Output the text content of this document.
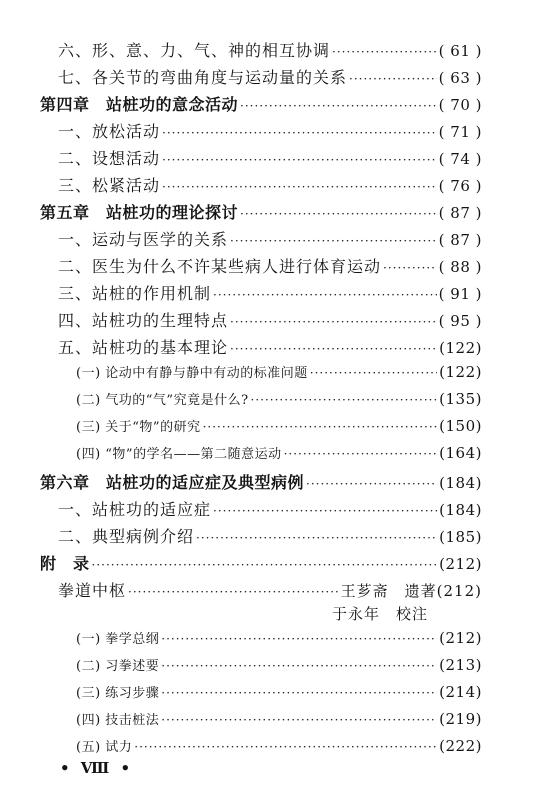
六、形、意、力、气、神的相互协调 ·····	( 61 )
七、各关节的弯曲角度与运动量的关系 ·····	( 63 )
第四章　站桩功的意念活动 ·····	( 70 )
一、放松活动 ·····	( 71 )
二、设想活动 ·····	( 74 )
三、松紧活动 ·····	( 76 )
第五章　站桩功的理论探讨 ·····	( 87 )
一、运动与医学的关系 ·····	( 87 )
二、医生为什么不许某些病人进行体育运动 ·····	( 88 )
三、站桩的作用机制 ·····	( 91 )
四、站桩功的生理特点 ·····	( 95 )
五、站桩功的基本理论 ·····	(122)
(一) 论动中有静与静中有动的标准问题 ·····	(122)
(二) 气功的“气”究竟是什么? ·····	(135)
(三) 关于“物”的研究 ·····	(150)
(四) “物”的学名——第二随意运动 ·····	(164)
第六章　站桩功的适应症及典型病例 ·····	(184)
一、站桩功的适应症 ·····	(184)
二、典型病例介绍 ·····	(185)
附　录 ·····	(212)
拳道中枢 ·····	王芗斋　遗著(212)
于永年　校注
(一) 拳学总纲 ·····	(212)
(二) 习拳述要 ·····	(213)
(三) 练习步骤 ·····	(214)
(四) 技击桩法 ·····	(219)
(五) 试力 ·····	(222)
• Ⅷ •
